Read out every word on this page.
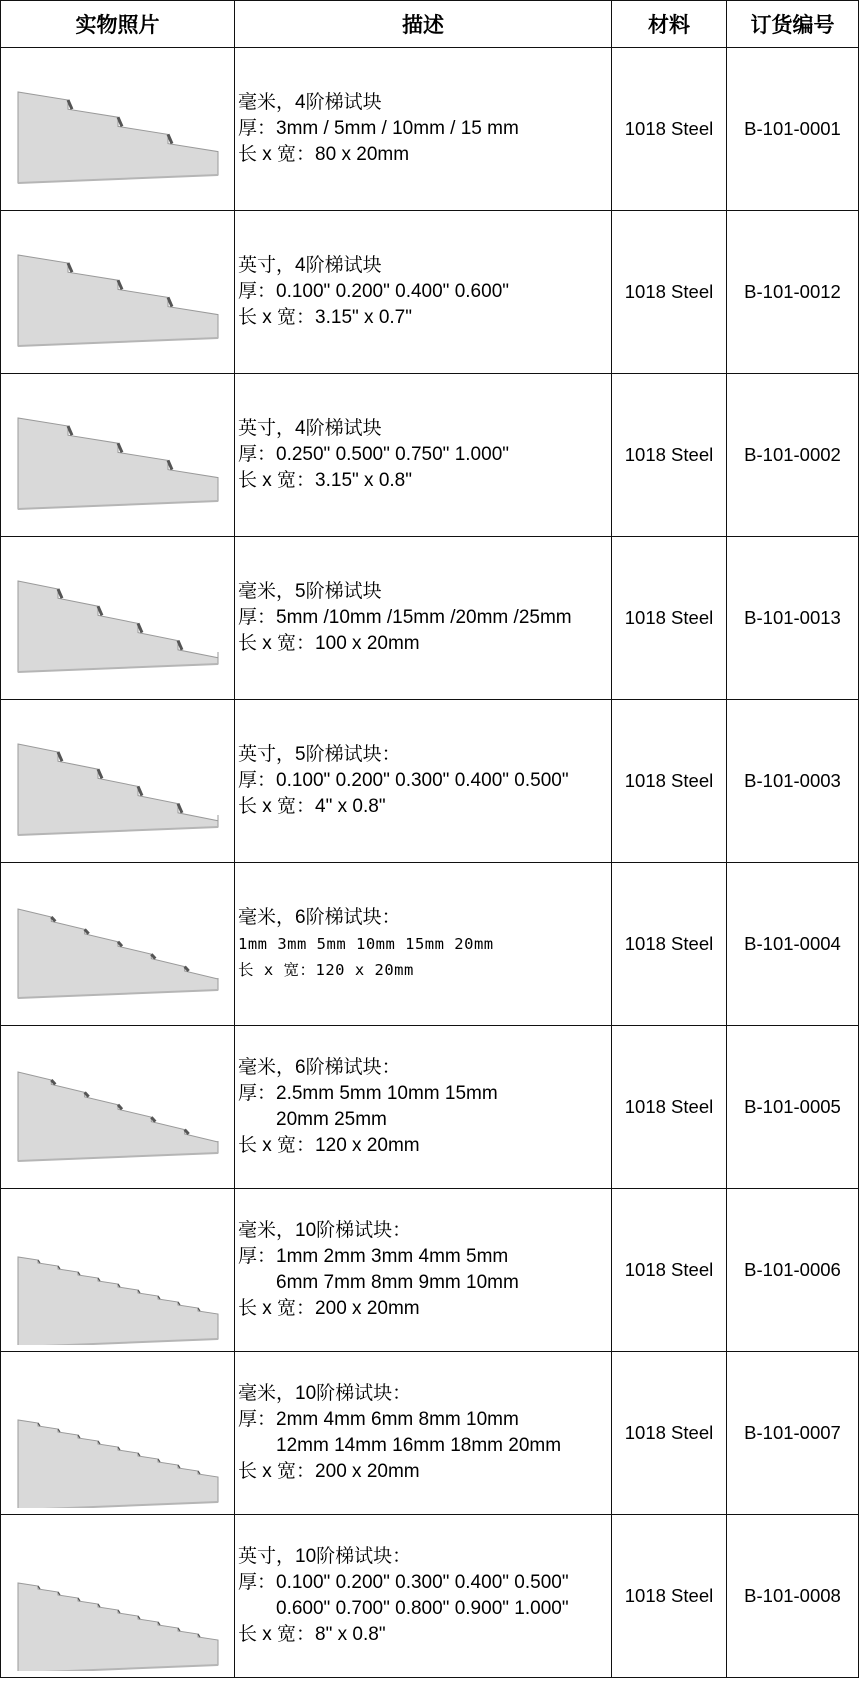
实物照片	描述	材料	订货编号

毫米，4阶梯试块
厚：3mm / 5mm / 10mm / 15 mm
长 x 宽：80 x 20mm	1018 Steel	B-101-0001

英寸，4阶梯试块
厚：0.100" 0.200" 0.400" 0.600"
长 x 宽：3.15" x 0.7"	1018 Steel	B-101-0012

英寸，4阶梯试块
厚：0.250" 0.500" 0.750" 1.000"
长 x 宽：3.15" x 0.8"	1018 Steel	B-101-0002

毫米，5阶梯试块
厚：5mm /10mm /15mm /20mm /25mm
长 x 宽：100 x 20mm	1018 Steel	B-101-0013

英寸，5阶梯试块：
厚：0.100" 0.200" 0.300" 0.400" 0.500"
长 x 宽：4" x 0.8"	1018 Steel	B-101-0003

毫米，6阶梯试块：
1mm 3mm 5mm 10mm 15mm 20mm
长 x 宽：120 x 20mm	1018 Steel	B-101-0004

毫米，6阶梯试块：
厚：2.5mm 5mm 10mm 15mm
20mm 25mm
长 x 宽：120 x 20mm	1018 Steel	B-101-0005

毫米，10阶梯试块：
厚：1mm 2mm 3mm 4mm 5mm
6mm 7mm 8mm 9mm 10mm
长 x 宽：200 x 20mm	1018 Steel	B-101-0006

毫米，10阶梯试块：
厚：2mm 4mm 6mm 8mm 10mm
12mm 14mm 16mm 18mm 20mm
长 x 宽：200 x 20mm	1018 Steel	B-101-0007

英寸，10阶梯试块：
厚：0.100" 0.200" 0.300" 0.400" 0.500"
0.600" 0.700" 0.800" 0.900" 1.000"
长 x 宽：8" x 0.8"	1018 Steel	B-101-0008
